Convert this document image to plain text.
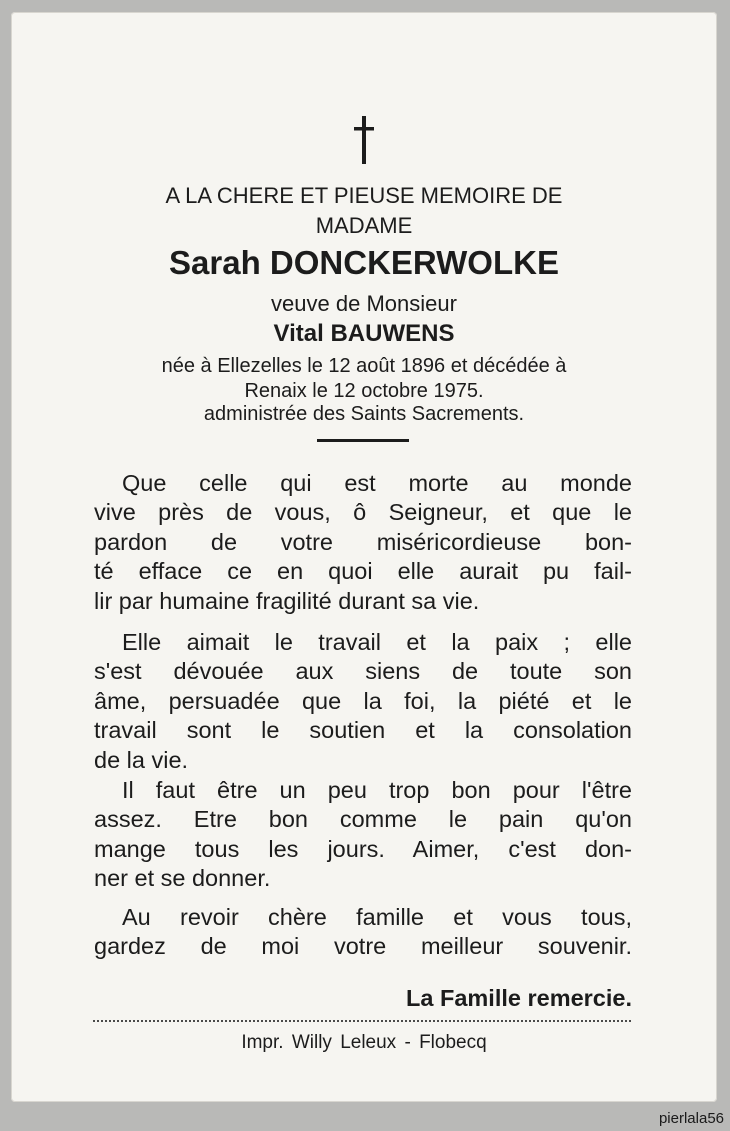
A LA CHERE ET PIEUSE MEMOIRE DE
MADAME
Sarah DONCKERWOLKE
veuve de Monsieur
Vital BAUWENS
née à Ellezelles le 12 août 1896 et décédée à
Renaix le 12 octobre 1975.
administrée des Saints Sacrements.
Que celle qui est morte au monde
vive près de vous, ô Seigneur, et que le
pardon de votre miséricordieuse bon-
té efface ce en quoi elle aurait pu fail-
lir par humaine fragilité durant sa vie.
Elle aimait le travail et la paix ; elle
s'est dévouée aux siens de toute son
âme, persuadée que la foi, la piété et le
travail sont le soutien et la consolation
de la vie.
Il faut être un peu trop bon pour l'être
assez. Etre bon comme le pain qu'on
mange tous les jours. Aimer, c'est don-
ner et se donner.
Au revoir chère famille et vous tous,
gardez de moi votre meilleur souvenir.
La Famille remercie.
Impr. Willy Leleux - Flobecq
pierlala56
